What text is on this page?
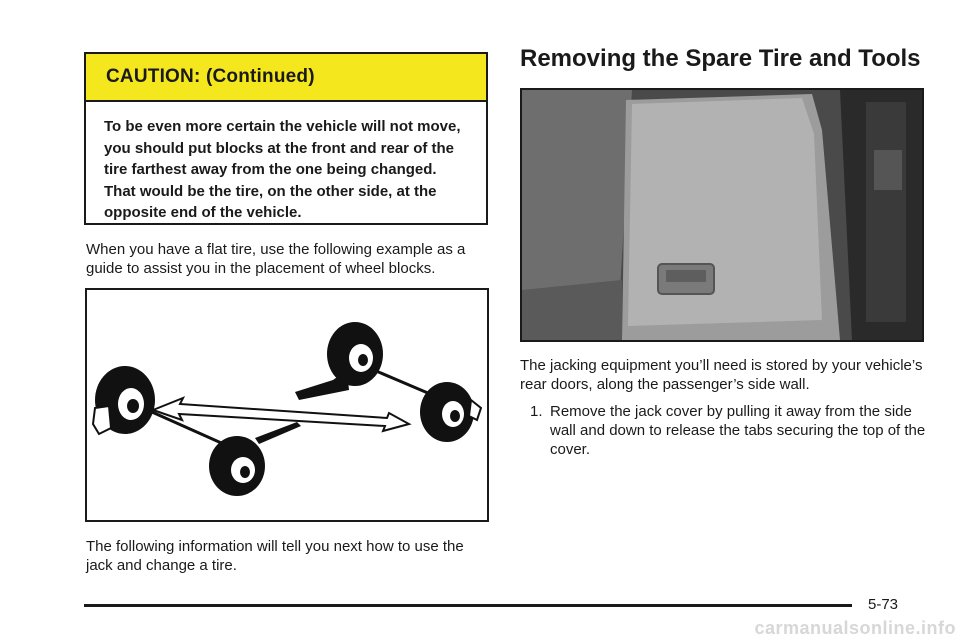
CAUTION: (Continued)
To be even more certain the vehicle will not move, you should put blocks at the front and rear of the tire farthest away from the one being changed. That would be the tire, on the other side, at the opposite end of the vehicle.

When you have a flat tire, use the following example as a guide to assist you in the placement of wheel blocks.

The following information will tell you next how to use the jack and change a tire.

Removing the Spare Tire and Tools

The jacking equipment you’ll need is stored by your vehicle’s rear doors, along the passenger’s side wall.

1. Remove the jack cover by pulling it away from the side wall and down to release the tabs securing the top of the cover.
5-73
carmanualsonline.info
